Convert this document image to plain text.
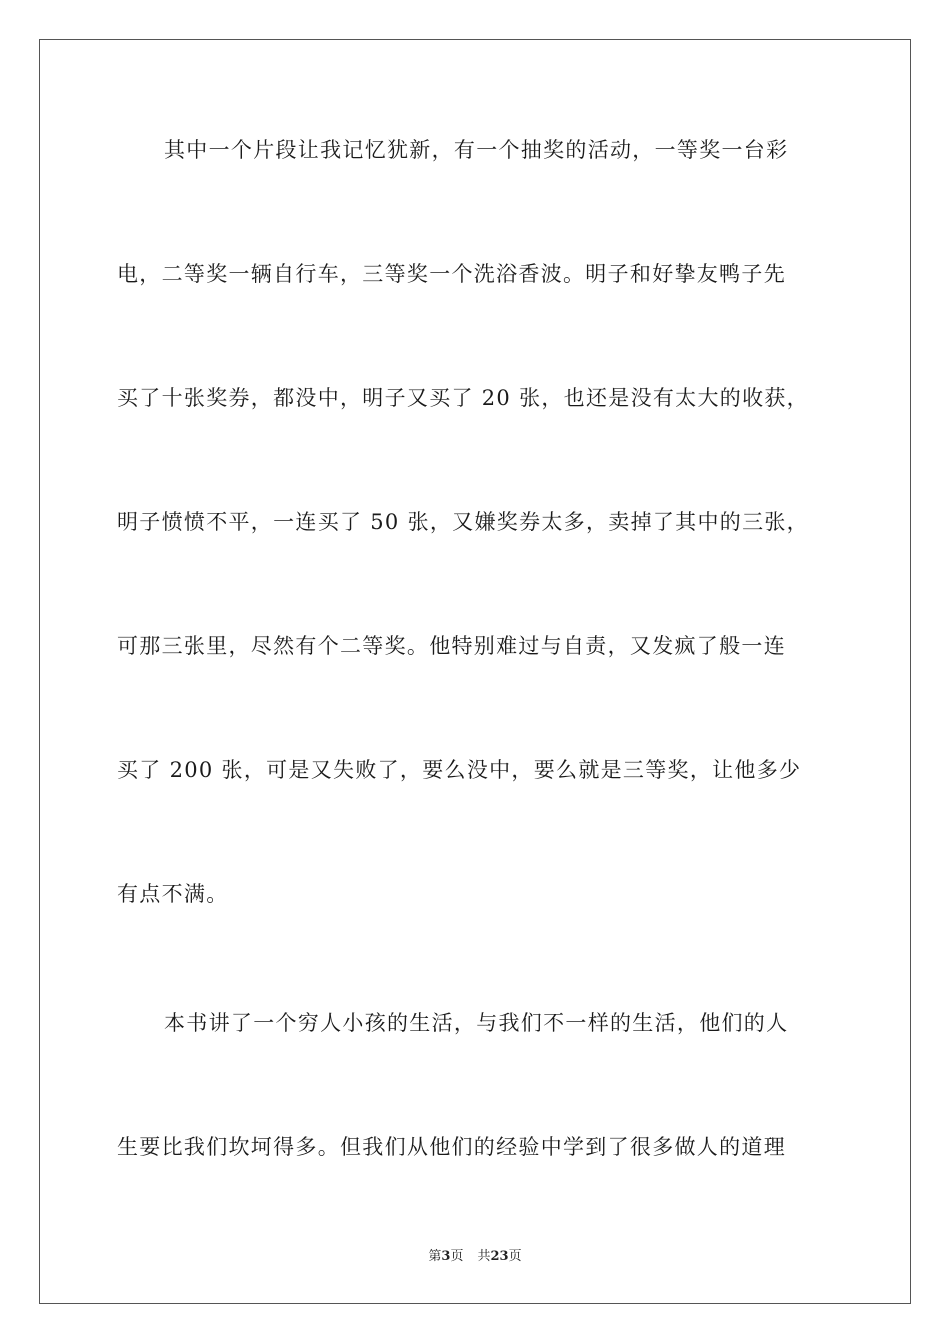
其中一个片段让我记忆犹新，有一个抽奖的活动，一等奖一台彩
电，二等奖一辆自行车，三等奖一个洗浴香波。明子和好挚友鸭子先
买了十张奖券，都没中，明子又买了 20 张，也还是没有太大的收获，
明子愤愤不平，一连买了 50 张，又嫌奖券太多，卖掉了其中的三张，
可那三张里，尽然有个二等奖。他特别难过与自责，又发疯了般一连
买了 200 张，可是又失败了，要么没中，要么就是三等奖，让他多少
有点不满。
本书讲了一个穷人小孩的生活，与我们不一样的生活，他们的人
生要比我们坎坷得多。但我们从他们的经验中学到了很多做人的道理
第3页 共23页
